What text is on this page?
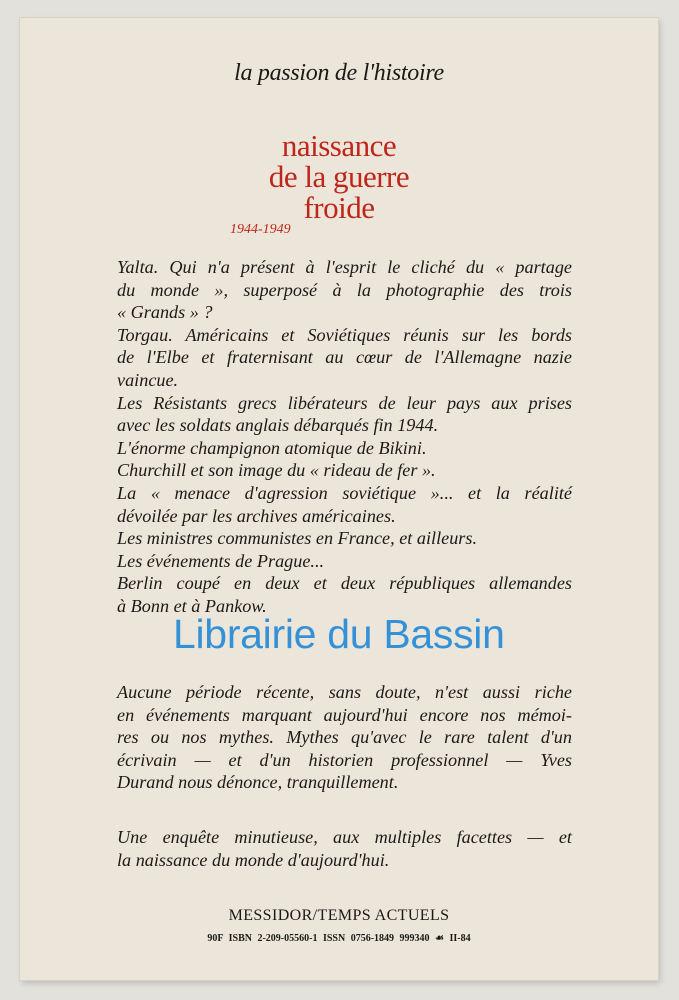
la passion de l'histoire
naissance
de la guerre
froide
1944-1949
Yalta. Qui n'a présent à l'esprit le cliché du « partage
du monde », superposé à la photographie des trois
« Grands » ?
Torgau. Américains et Soviétiques réunis sur les bords
de l'Elbe et fraternisant au cœur de l'Allemagne nazie
vaincue.
Les Résistants grecs libérateurs de leur pays aux prises
avec les soldats anglais débarqués fin 1944.
L'énorme champignon atomique de Bikini.
Churchill et son image du « rideau de fer ».
La « menace d'agression soviétique »... et la réalité
dévoilée par les archives américaines.
Les ministres communistes en France, et ailleurs.
Les événements de Prague...
Berlin coupé en deux et deux républiques allemandes
à Bonn et à Pankow.
Aucune période récente, sans doute, n'est aussi riche
en événements marquant aujourd'hui encore nos mémoi-
res ou nos mythes. Mythes qu'avec le rare talent d'un
écrivain — et d'un historien professionnel — Yves
Durand nous dénonce, tranquillement.
Une enquête minutieuse, aux multiples facettes — et
la naissance du monde d'aujourd'hui.
MESSIDOR/TEMPS ACTUELS
90F ISBN 2-209-05560-1 ISSN 0756-1849 999340 ☙ II-84
Librairie du Bassin
